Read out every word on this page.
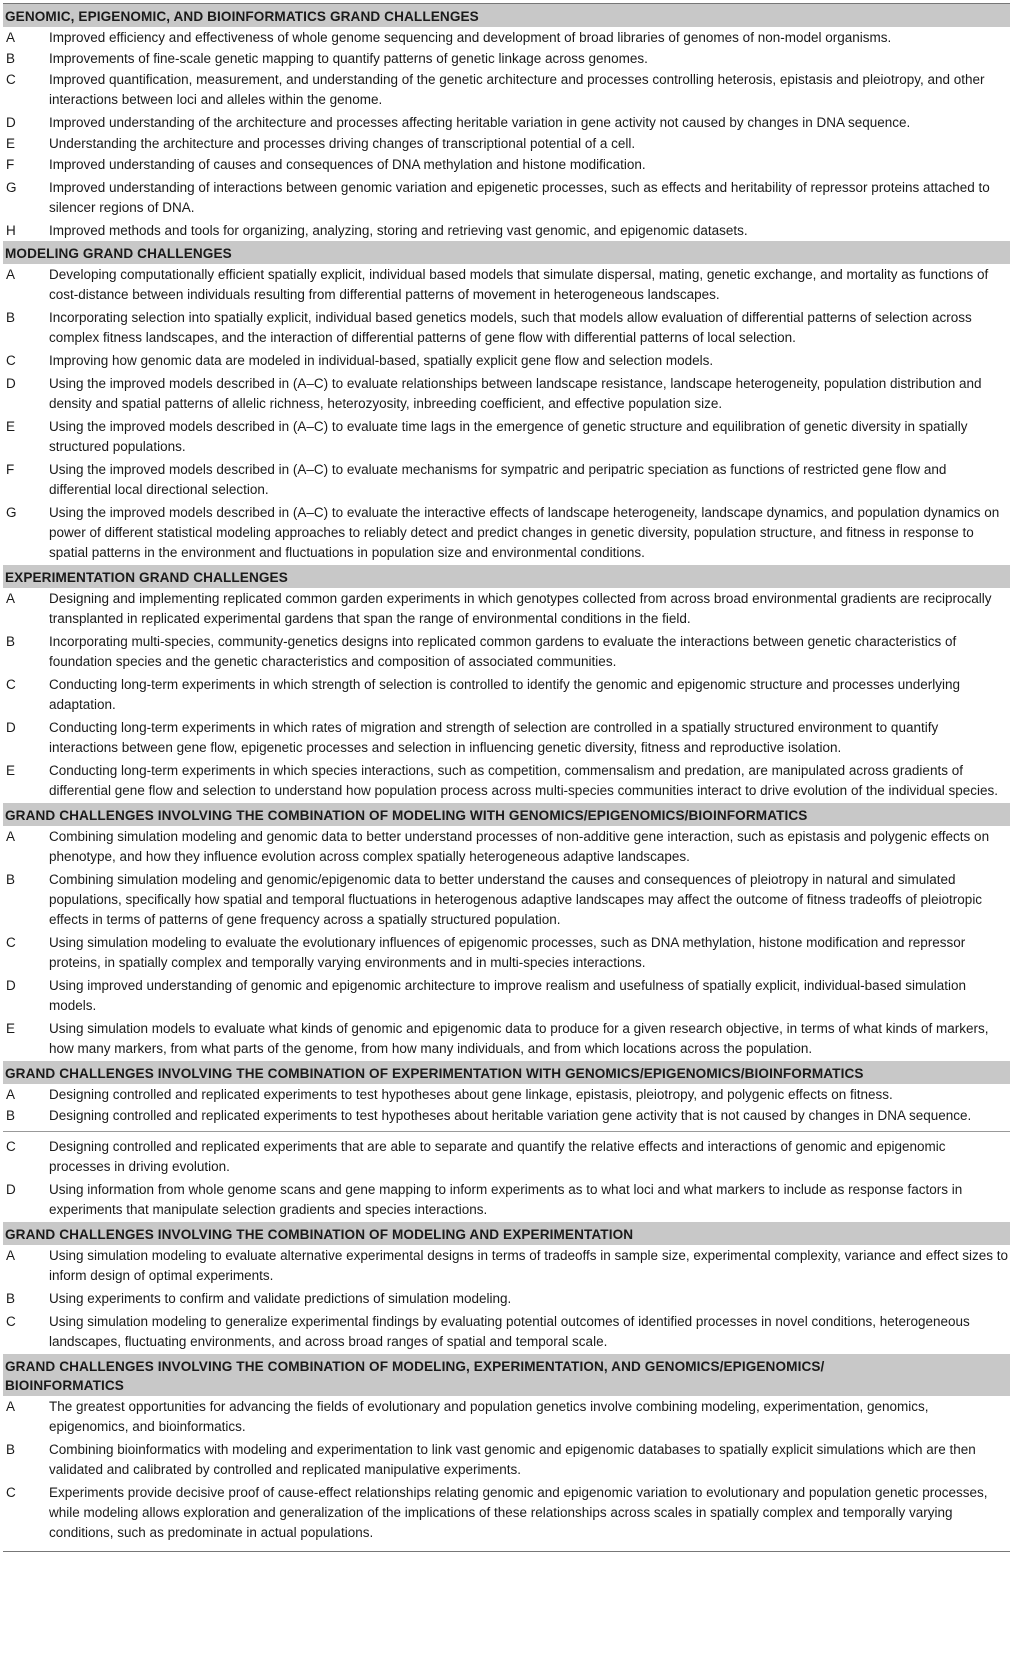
GENOMIC, EPIGENOMIC, AND BIOINFORMATICS GRAND CHALLENGES
A	Improved efficiency and effectiveness of whole genome sequencing and development of broad libraries of genomes of non-model organisms.
B	Improvements of fine-scale genetic mapping to quantify patterns of genetic linkage across genomes.
C	Improved quantification, measurement, and understanding of the genetic architecture and processes controlling heterosis, epistasis and pleiotropy, and other interactions between loci and alleles within the genome.
D	Improved understanding of the architecture and processes affecting heritable variation in gene activity not caused by changes in DNA sequence.
E	Understanding the architecture and processes driving changes of transcriptional potential of a cell.
F	Improved understanding of causes and consequences of DNA methylation and histone modification.
G	Improved understanding of interactions between genomic variation and epigenetic processes, such as effects and heritability of repressor proteins attached to silencer regions of DNA.
H	Improved methods and tools for organizing, analyzing, storing and retrieving vast genomic, and epigenomic datasets.
MODELING GRAND CHALLENGES
A	Developing computationally efficient spatially explicit, individual based models that simulate dispersal, mating, genetic exchange, and mortality as functions of cost-distance between individuals resulting from differential patterns of movement in heterogeneous landscapes.
B	Incorporating selection into spatially explicit, individual based genetics models, such that models allow evaluation of differential patterns of selection across complex fitness landscapes, and the interaction of differential patterns of gene flow with differential patterns of local selection.
C	Improving how genomic data are modeled in individual-based, spatially explicit gene flow and selection models.
D	Using the improved models described in (A–C) to evaluate relationships between landscape resistance, landscape heterogeneity, population distribution and density and spatial patterns of allelic richness, heterozyosity, inbreeding coefficient, and effective population size.
E	Using the improved models described in (A–C) to evaluate time lags in the emergence of genetic structure and equilibration of genetic diversity in spatially structured populations.
F	Using the improved models described in (A–C) to evaluate mechanisms for sympatric and peripatric speciation as functions of restricted gene flow and differential local directional selection.
G	Using the improved models described in (A–C) to evaluate the interactive effects of landscape heterogeneity, landscape dynamics, and population dynamics on power of different statistical modeling approaches to reliably detect and predict changes in genetic diversity, population structure, and fitness in response to spatial patterns in the environment and fluctuations in population size and environmental conditions.
EXPERIMENTATION GRAND CHALLENGES
A	Designing and implementing replicated common garden experiments in which genotypes collected from across broad environmental gradients are reciprocally transplanted in replicated experimental gardens that span the range of environmental conditions in the field.
B	Incorporating multi-species, community-genetics designs into replicated common gardens to evaluate the interactions between genetic characteristics of foundation species and the genetic characteristics and composition of associated communities.
C	Conducting long-term experiments in which strength of selection is controlled to identify the genomic and epigenomic structure and processes underlying adaptation.
D	Conducting long-term experiments in which rates of migration and strength of selection are controlled in a spatially structured environment to quantify interactions between gene flow, epigenetic processes and selection in influencing genetic diversity, fitness and reproductive isolation.
E	Conducting long-term experiments in which species interactions, such as competition, commensalism and predation, are manipulated across gradients of differential gene flow and selection to understand how population process across multi-species communities interact to drive evolution of the individual species.
GRAND CHALLENGES INVOLVING THE COMBINATION OF MODELING WITH GENOMICS/EPIGENOMICS/BIOINFORMATICS
A	Combining simulation modeling and genomic data to better understand processes of non-additive gene interaction, such as epistasis and polygenic effects on phenotype, and how they influence evolution across complex spatially heterogeneous adaptive landscapes.
B	Combining simulation modeling and genomic/epigenomic data to better understand the causes and consequences of pleiotropy in natural and simulated populations, specifically how spatial and temporal fluctuations in heterogenous adaptive landscapes may affect the outcome of fitness tradeoffs of pleiotropic effects in terms of patterns of gene frequency across a spatially structured population.
C	Using simulation modeling to evaluate the evolutionary influences of epigenomic processes, such as DNA methylation, histone modification and repressor proteins, in spatially complex and temporally varying environments and in multi-species interactions.
D	Using improved understanding of genomic and epigenomic architecture to improve realism and usefulness of spatially explicit, individual-based simulation models.
E	Using simulation models to evaluate what kinds of genomic and epigenomic data to produce for a given research objective, in terms of what kinds of markers, how many markers, from what parts of the genome, from how many individuals, and from which locations across the population.
GRAND CHALLENGES INVOLVING THE COMBINATION OF EXPERIMENTATION WITH GENOMICS/EPIGENOMICS/BIOINFORMATICS
A	Designing controlled and replicated experiments to test hypotheses about gene linkage, epistasis, pleiotropy, and polygenic effects on fitness.
B	Designing controlled and replicated experiments to test hypotheses about heritable variation gene activity that is not caused by changes in DNA sequence.
C	Designing controlled and replicated experiments that are able to separate and quantify the relative effects and interactions of genomic and epigenomic processes in driving evolution.
D	Using information from whole genome scans and gene mapping to inform experiments as to what loci and what markers to include as response factors in experiments that manipulate selection gradients and species interactions.
GRAND CHALLENGES INVOLVING THE COMBINATION OF MODELING AND EXPERIMENTATION
A	Using simulation modeling to evaluate alternative experimental designs in terms of tradeoffs in sample size, experimental complexity, variance and effect sizes to inform design of optimal experiments.
B	Using experiments to confirm and validate predictions of simulation modeling.
C	Using simulation modeling to generalize experimental findings by evaluating potential outcomes of identified processes in novel conditions, heterogeneous landscapes, fluctuating environments, and across broad ranges of spatial and temporal scale.
GRAND CHALLENGES INVOLVING THE COMBINATION OF MODELING, EXPERIMENTATION, AND GENOMICS/EPIGENOMICS/ BIOINFORMATICS
A	The greatest opportunities for advancing the fields of evolutionary and population genetics involve combining modeling, experimentation, genomics, epigenomics, and bioinformatics.
B	Combining bioinformatics with modeling and experimentation to link vast genomic and epigenomic databases to spatially explicit simulations which are then validated and calibrated by controlled and replicated manipulative experiments.
C	Experiments provide decisive proof of cause-effect relationships relating genomic and epigenomic variation to evolutionary and population genetic processes, while modeling allows exploration and generalization of the implications of these relationships across scales in spatially complex and temporally varying conditions, such as predominate in actual populations.
